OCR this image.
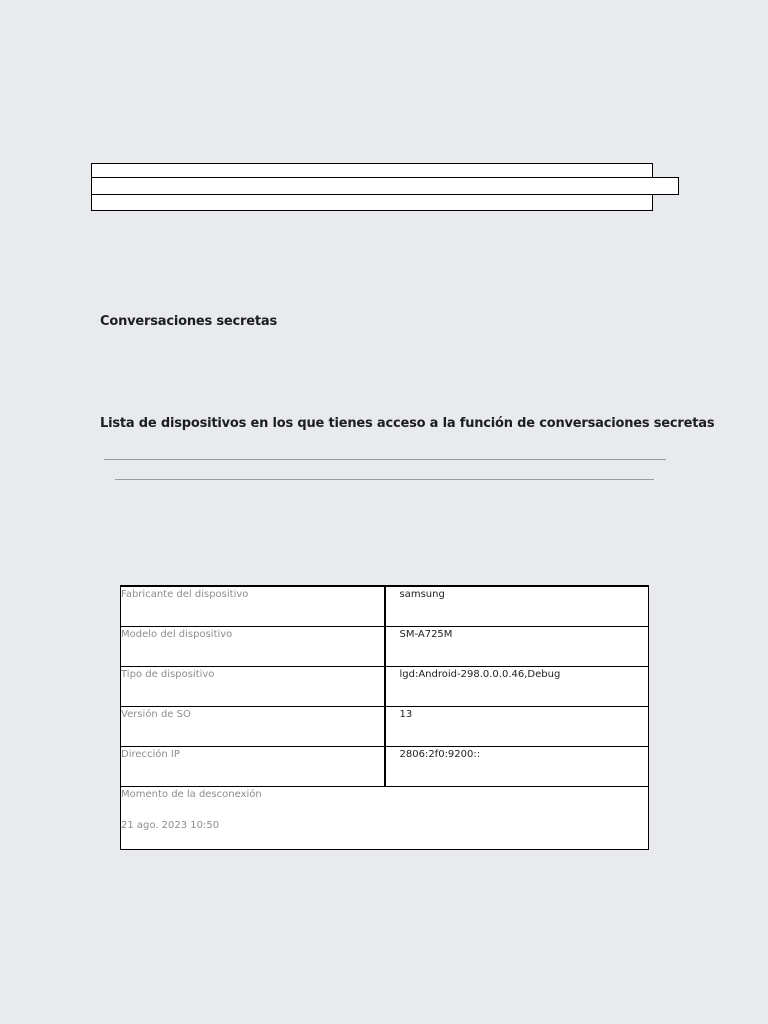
Conversaciones secretas
Lista de dispositivos en los que tienes acceso a la función de conversaciones secretas
Fabricante del dispositivo	samsung
Modelo del dispositivo	SM-A725M
Tipo de dispositivo	lgd:Android-298.0.0.0.46,Debug
Versión de SO	13
Dirección IP	2806:2f0:9200::

Momento de la desconexión
21 ago. 2023 10:50	
